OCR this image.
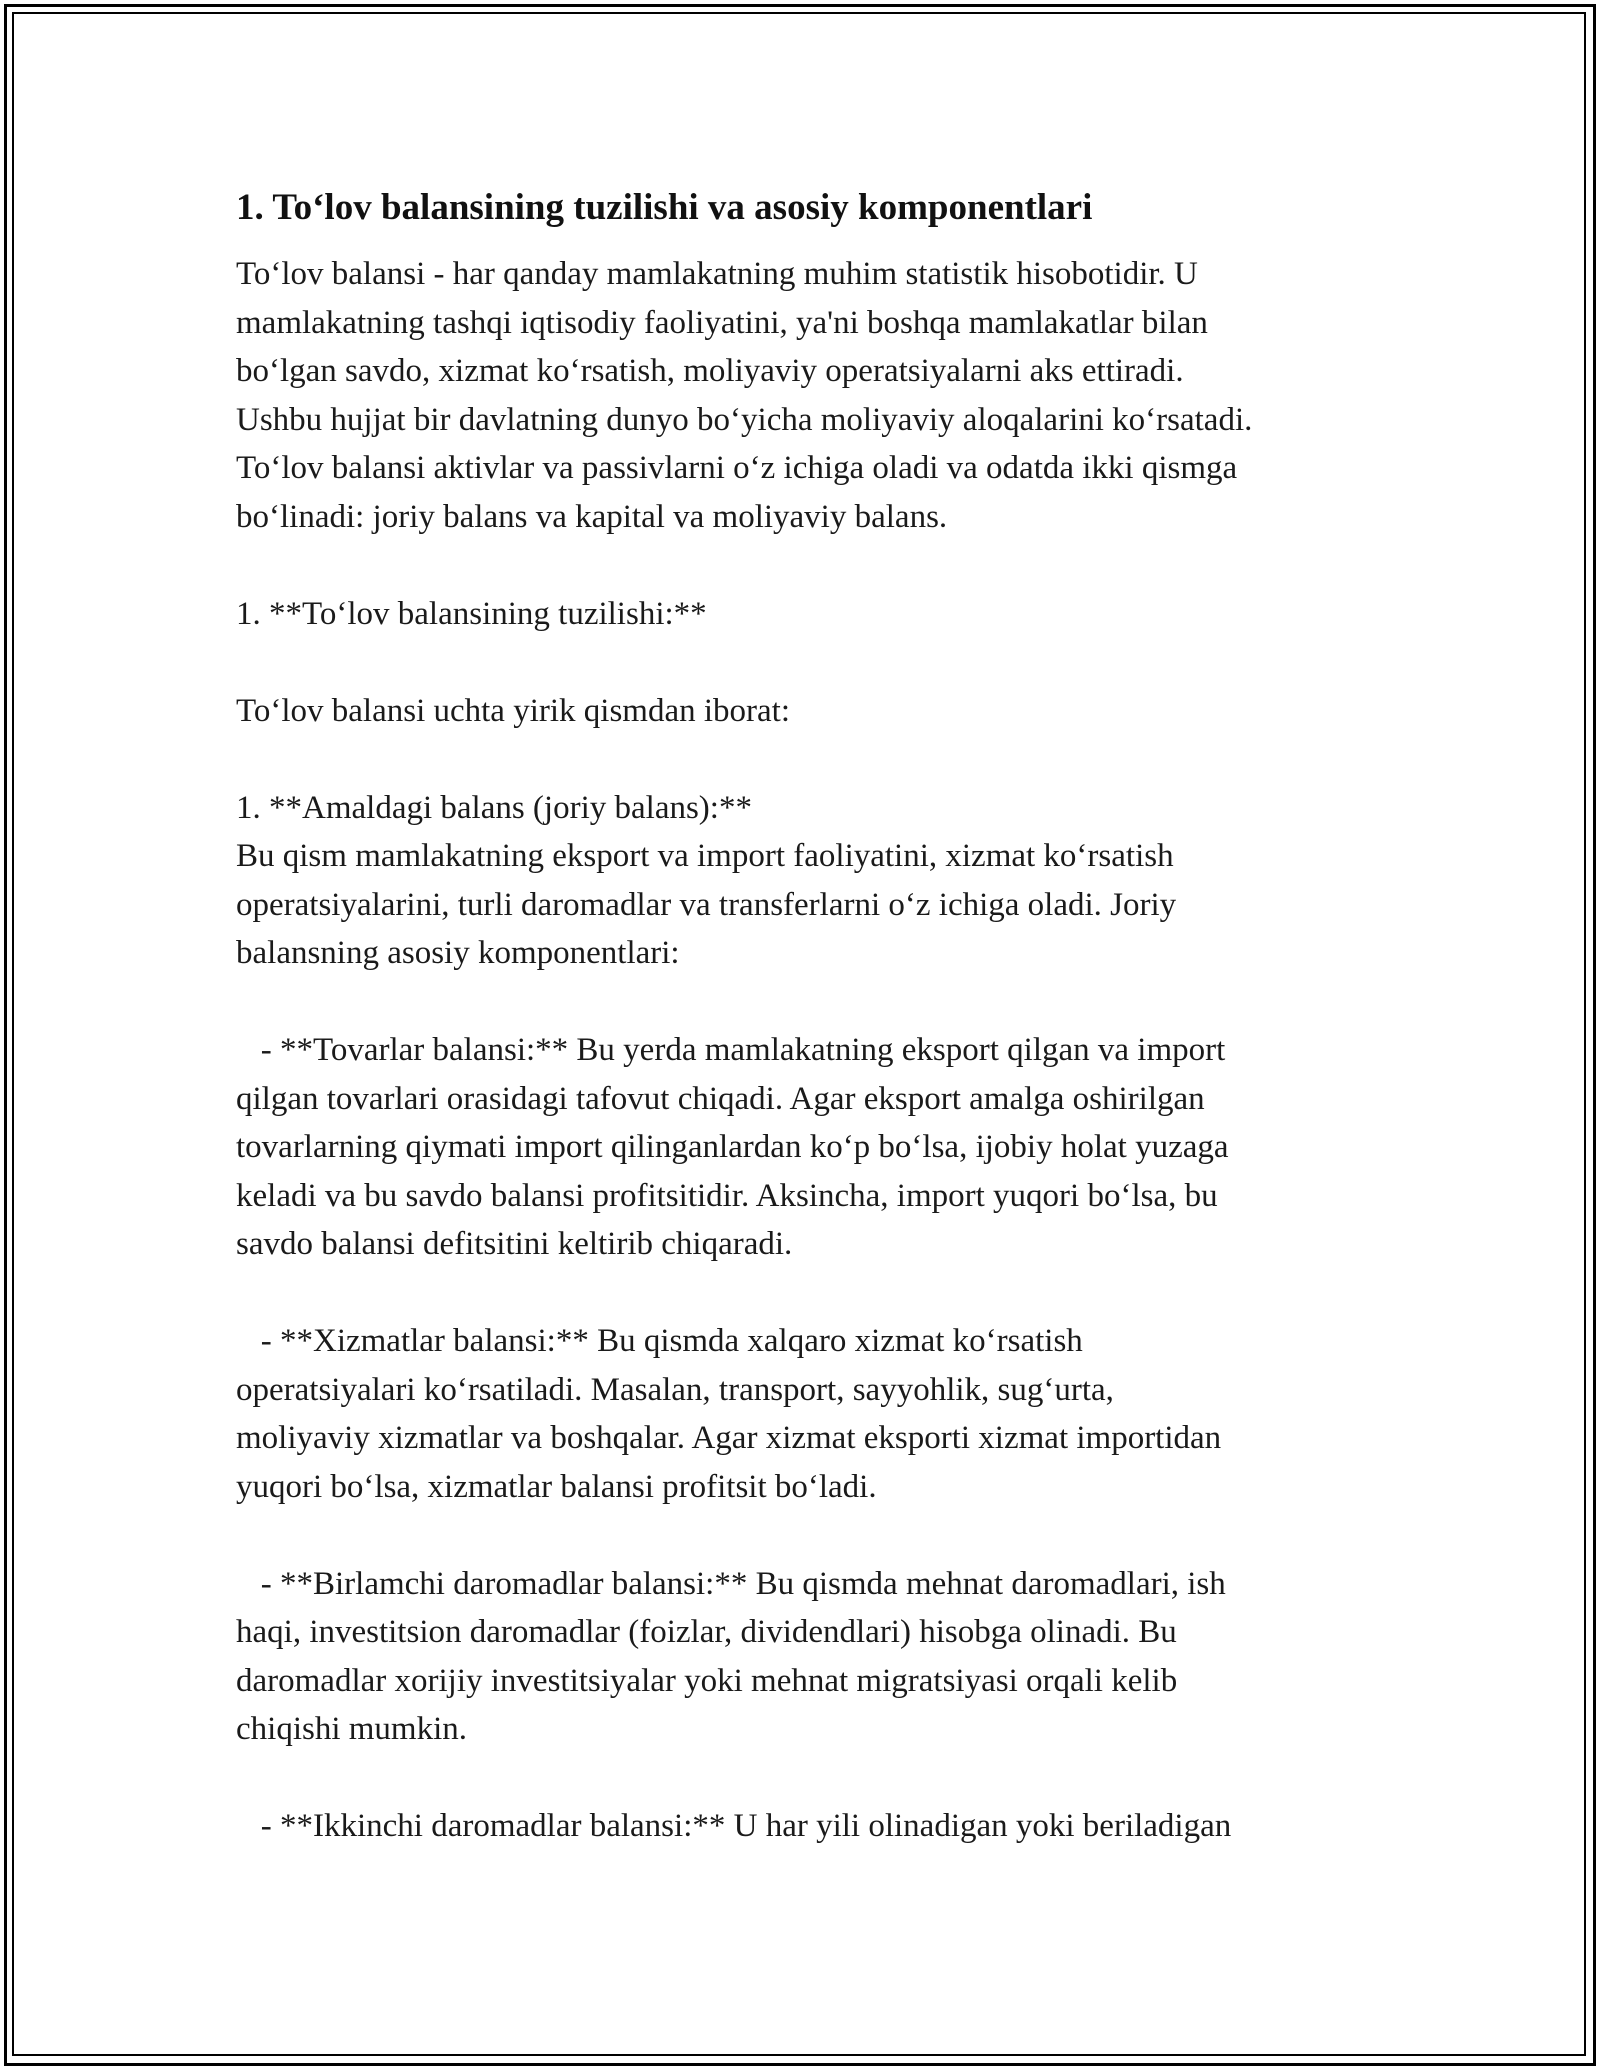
1. To‘lov balansining tuzilishi va asosiy komponentlari
To‘lov balansi - har qanday mamlakatning muhim statistik hisobotidir. U
mamlakatning tashqi iqtisodiy faoliyatini, ya'ni boshqa mamlakatlar bilan
bo‘lgan savdo, xizmat ko‘rsatish, moliyaviy operatsiyalarni aks ettiradi.
Ushbu hujjat bir davlatning dunyo bo‘yicha moliyaviy aloqalarini ko‘rsatadi.
To‘lov balansi aktivlar va passivlarni o‘z ichiga oladi va odatda ikki qismga
bo‘linadi: joriy balans va kapital va moliyaviy balans.
1. **To‘lov balansining tuzilishi:**
To‘lov balansi uchta yirik qismdan iborat:
1. **Amaldagi balans (joriy balans):**
Bu qism mamlakatning eksport va import faoliyatini, xizmat ko‘rsatish
operatsiyalarini, turli daromadlar va transferlarni o‘z ichiga oladi. Joriy
balansning asosiy komponentlari:
- **Tovarlar balansi:** Bu yerda mamlakatning eksport qilgan va import
qilgan tovarlari orasidagi tafovut chiqadi. Agar eksport amalga oshirilgan
tovarlarning qiymati import qilinganlardan ko‘p bo‘lsa, ijobiy holat yuzaga
keladi va bu savdo balansi profitsitidir. Aksincha, import yuqori bo‘lsa, bu
savdo balansi defitsitini keltirib chiqaradi.
- **Xizmatlar balansi:** Bu qismda xalqaro xizmat ko‘rsatish
operatsiyalari ko‘rsatiladi. Masalan, transport, sayyohlik, sug‘urta,
moliyaviy xizmatlar va boshqalar. Agar xizmat eksporti xizmat importidan
yuqori bo‘lsa, xizmatlar balansi profitsit bo‘ladi.
- **Birlamchi daromadlar balansi:** Bu qismda mehnat daromadlari, ish
haqi, investitsion daromadlar (foizlar, dividendlari) hisobga olinadi. Bu
daromadlar xorijiy investitsiyalar yoki mehnat migratsiyasi orqali kelib
chiqishi mumkin.
- **Ikkinchi daromadlar balansi:** U har yili olinadigan yoki beriladigan
